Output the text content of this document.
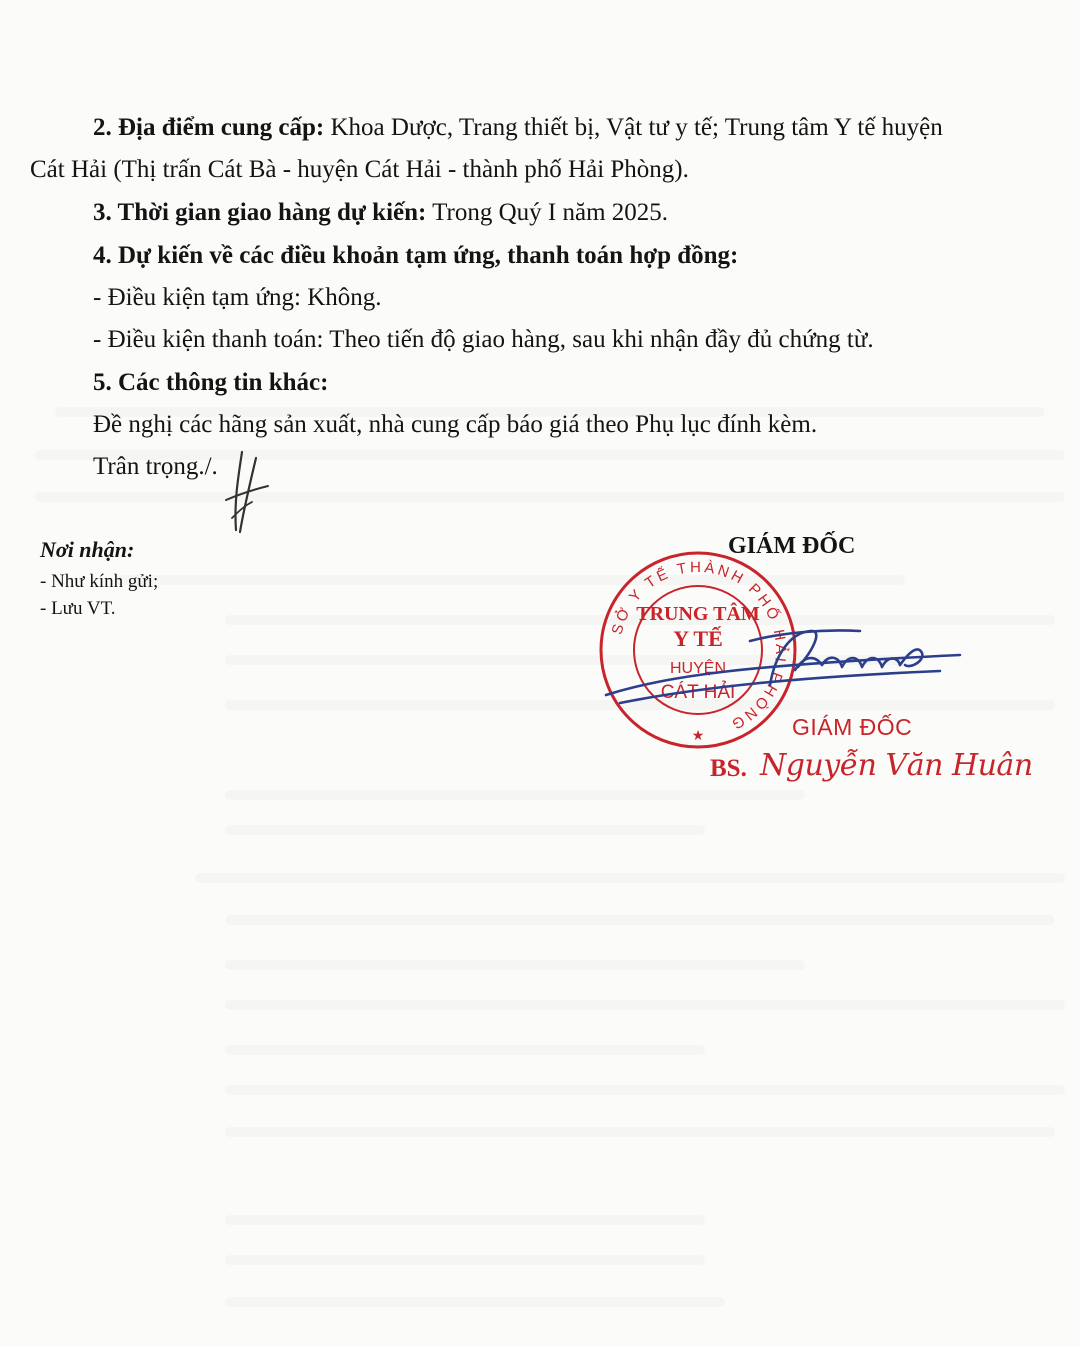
2. Địa điểm cung cấp: Khoa Dược, Trang thiết bị, Vật tư y tế; Trung tâm Y tế huyện
Cát Hải (Thị trấn Cát Bà - huyện Cát Hải - thành phố Hải Phòng).
3. Thời gian giao hàng dự kiến: Trong Quý I năm 2025.
4. Dự kiến về các điều khoản tạm ứng, thanh toán hợp đồng:
- Điều kiện tạm ứng: Không.
- Điều kiện thanh toán: Theo tiến độ giao hàng, sau khi nhận đầy đủ chứng từ.
5. Các thông tin khác:
Đề nghị các hãng sản xuất, nhà cung cấp báo giá theo Phụ lục đính kèm.
Trân trọng./.
Nơi nhận:
- Như kính gửi;
- Lưu VT.
GIÁM ĐỐC
SỞ Y TẾ THÀNH PHỐ HẢI PHÒNG
TRUNG TÂM
Y TẾ
HUYỆN
CÁT HẢI
★	GIÁM ĐỐC
BS. Nguyễn Văn Huân
